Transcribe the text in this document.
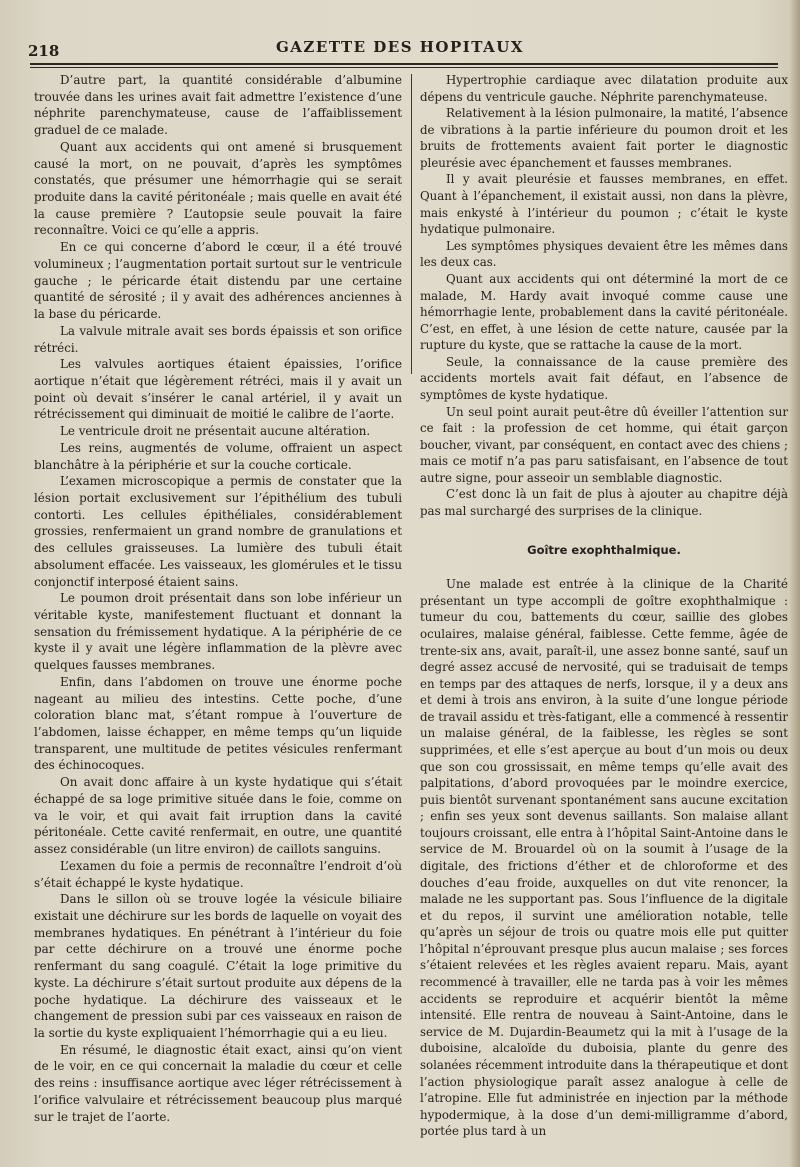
218	GAZETTE DES HOPITAUX

D’autre part, la quantité considérable d’albumine trouvée dans les urines avait fait admettre l’existence d’une néphrite parenchymateuse, cause de l’affaiblissement graduel de ce malade.

Quant aux accidents qui ont amené si brusquement causé la mort, on ne pouvait, d’après les symptômes constatés, que présumer une hémorrhagie qui se serait produite dans la cavité péritonéale ; mais quelle en avait été la cause première ? L’autopsie seule pouvait la faire reconnaître. Voici ce qu’elle a appris.

En ce qui concerne d’abord le cœur, il a été trouvé volumineux ; l’augmentation portait surtout sur le ventricule gauche ; le péricarde était distendu par une certaine quantité de sérosité ; il y avait des adhérences anciennes à la base du péricarde.

La valvule mitrale avait ses bords épaissis et son orifice rétréci.

Les valvules aortiques étaient épaissies, l’orifice aortique n’était que légèrement rétréci, mais il y avait un point où devait s’insérer le canal artériel, il y avait un rétrécissement qui diminuait de moitié le calibre de l’aorte.

Le ventricule droit ne présentait aucune altération.

Les reins, augmentés de volume, offraient un aspect blanchâtre à la périphérie et sur la couche corticale.

L’examen microscopique a permis de constater que la lésion portait exclusivement sur l’épithélium des tubuli contorti. Les cellules épithéliales, considérablement grossies, renfermaient un grand nombre de granulations et des cellules graisseuses. La lumière des tubuli était absolument effacée. Les vaisseaux, les glomérules et le tissu conjonctif interposé étaient sains.

Le poumon droit présentait dans son lobe inférieur un véritable kyste, manifestement fluctuant et donnant la sensation du frémissement hydatique. A la périphérie de ce kyste il y avait une légère inflammation de la plèvre avec quelques fausses membranes.

Enfin, dans l’abdomen on trouve une énorme poche nageant au milieu des intestins. Cette poche, d’une coloration blanc mat, s’étant rompue à l’ouverture de l’abdomen, laisse échapper, en même temps qu’un liquide transparent, une multitude de petites vésicules renfermant des échinocoques.

On avait donc affaire à un kyste hydatique qui s’était échappé de sa loge primitive située dans le foie, comme on va le voir, et qui avait fait irruption dans la cavité péritonéale. Cette cavité renfermait, en outre, une quantité assez considérable (un litre environ) de caillots sanguins.

L’examen du foie a permis de reconnaître l’endroit d’où s’était échappé le kyste hydatique.

Dans le sillon où se trouve logée la vésicule biliaire existait une déchirure sur les bords de laquelle on voyait des membranes hydatiques. En pénétrant à l’intérieur du foie par cette déchirure on a trouvé une énorme poche renfermant du sang coagulé. C’était la loge primitive du kyste. La déchirure s’était surtout produite aux dépens de la poche hydatique. La déchirure des vaisseaux et le changement de pression subi par ces vaisseaux en raison de la sortie du kyste expliquaient l’hémorrhagie qui a eu lieu.

En résumé, le diagnostic était exact, ainsi qu’on vient de le voir, en ce qui concernait la maladie du cœur et celle des reins : insuffisance aortique avec léger rétrécissement à l’orifice valvulaire et rétrécissement beaucoup plus marqué sur le trajet de l’aorte.

Hypertrophie cardiaque avec dilatation produite aux dépens du ventricule gauche. Néphrite parenchymateuse.

Relativement à la lésion pulmonaire, la matité, l’absence de vibrations à la partie inférieure du poumon droit et les bruits de frottements avaient fait porter le diagnostic pleurésie avec épanchement et fausses membranes.

Il y avait pleurésie et fausses membranes, en effet. Quant à l’épanchement, il existait aussi, non dans la plèvre, mais enkysté à l’intérieur du poumon ; c’était le kyste hydatique pulmonaire.

Les symptômes physiques devaient être les mêmes dans les deux cas.

Quant aux accidents qui ont déterminé la mort de ce malade, M. Hardy avait invoqué comme cause une hémorrhagie lente, probablement dans la cavité péritonéale. C’est, en effet, à une lésion de cette nature, causée par la rupture du kyste, que se rattache la cause de la mort.

Seule, la connaissance de la cause première des accidents mortels avait fait défaut, en l’absence de symptômes de kyste hydatique.

Un seul point aurait peut-être dû éveiller l’attention sur ce fait : la profession de cet homme, qui était garçon boucher, vivant, par conséquent, en contact avec des chiens ; mais ce motif n’a pas paru satisfaisant, en l’absence de tout autre signe, pour asseoir un semblable diagnostic.

C’est donc là un fait de plus à ajouter au chapitre déjà pas mal surchargé des surprises de la clinique.

Goître exophthalmique.

Une malade est entrée à la clinique de la Charité présentant un type accompli de goître exophthalmique : tumeur du cou, battements du cœur, saillie des globes oculaires, malaise général, faiblesse. Cette femme, âgée de trente-six ans, avait, paraît-il, une assez bonne santé, sauf un degré assez accusé de nervosité, qui se traduisait de temps en temps par des attaques de nerfs, lorsque, il y a deux ans et demi à trois ans environ, à la suite d’une longue période de travail assidu et très-fatigant, elle a commencé à ressentir un malaise général, de la faiblesse, les règles se sont supprimées, et elle s’est aperçue au bout d’un mois ou deux que son cou grossissait, en même temps qu’elle avait des palpitations, d’abord provoquées par le moindre exercice, puis bientôt survenant spontanément sans aucune excitation ; enfin ses yeux sont devenus saillants. Son malaise allant toujours croissant, elle entra à l’hôpital Saint-Antoine dans le service de M. Brouardel où on la soumit à l’usage de la digitale, des frictions d’éther et de chloroforme et des douches d’eau froide, auxquelles on dut vite renoncer, la malade ne les supportant pas. Sous l’influence de la digitale et du repos, il survint une amélioration notable, telle qu’après un séjour de trois ou quatre mois elle put quitter l’hôpital n’éprouvant presque plus aucun malaise ; ses forces s’étaient relevées et les règles avaient reparu. Mais, ayant recommencé à travailler, elle ne tarda pas à voir les mêmes accidents se reproduire et acquérir bientôt la même intensité. Elle rentra de nouveau à Saint-Antoine, dans le service de M. Dujardin-Beaumetz qui la mit à l’usage de la duboisine, alcaloïde du duboisia, plante du genre des solanées récemment introduite dans la thérapeutique et dont l’action physiologique paraît assez analogue à celle de l’atropine. Elle fut administrée en injection par la méthode hypodermique, à la dose d’un demi-milligramme d’abord, portée plus tard à un
